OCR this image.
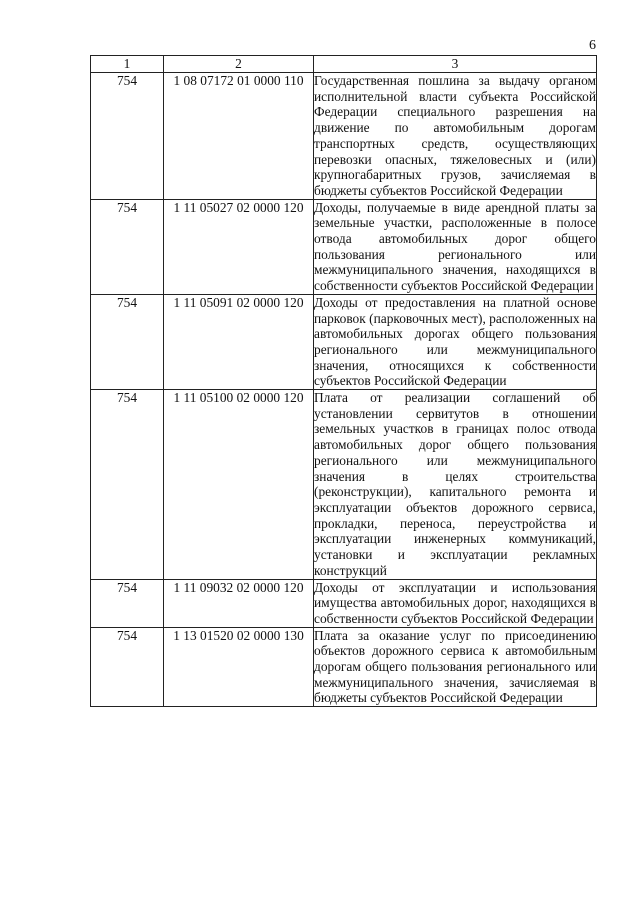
6
1	2	3
754	1 08 07172 01 0000 110	Государственная пошлина за выдачу органом исполнительной власти субъекта Российской Федерации специального разрешения на движение по автомобильным дорогам транспортных средств, осуществляющих перевозки опасных, тяжеловесных и (или) крупногабаритных грузов, зачисляемая в бюджеты субъектов Российской Федерации
754	1 11 05027 02 0000 120	Доходы, получаемые в виде арендной платы за земельные участки, расположенные в полосе отвода автомобильных дорог общего пользования регионального или межмуниципального значения, находящихся в собственности субъектов Российской Федерации
754	1 11 05091 02 0000 120	Доходы от предоставления на платной основе парковок (парковочных мест), расположенных на автомобильных дорогах общего пользования регионального или межмуниципального значения, относящихся к собственности субъектов Российской Федерации
754	1 11 05100 02 0000 120	Плата от реализации соглашений об установлении сервитутов в отношении земельных участков в границах полос отвода автомобильных дорог общего пользования регионального или межмуниципального значения в целях строительства (реконструкции), капитального ремонта и эксплуатации объектов дорожного сервиса, прокладки, переноса, переустройства и эксплуатации инженерных коммуникаций, установки и эксплуатации рекламных конструкций
754	1 11 09032 02 0000 120	Доходы от эксплуатации и использования имущества автомобильных дорог, находящихся в собственности субъектов Российской Федерации
754	1 13 01520 02 0000 130	Плата за оказание услуг по присоединению объектов дорожного сервиса к автомобильным дорогам общего пользования регионального или межмуниципального значения, зачисляемая в бюджеты субъектов Российской Федерации
